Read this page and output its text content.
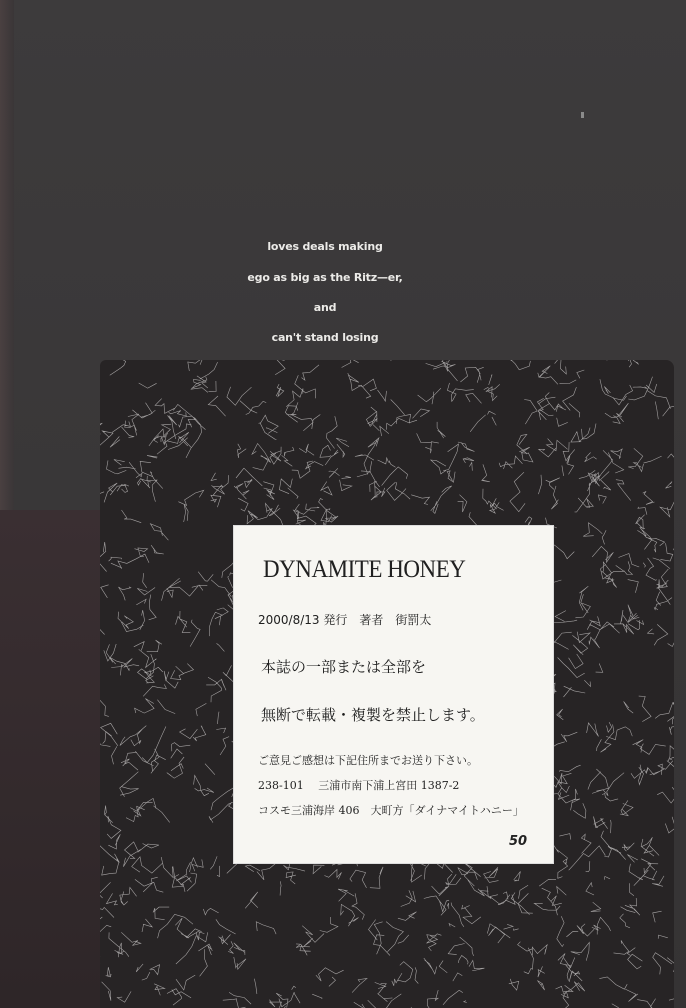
loves deals making
ego as big as the Ritz—er,
and
can't stand losing
DYNAMITE HONEY
2000/8/13 発行　著者　街罰太
本誌の一部または全部を
無断で転載・複製を禁止します。
ご意見ご感想は下記住所までお送り下さい。
238-101　 三浦市南下浦上宮田 1387-2
コスモ三浦海岸 406　大町方「ダイナマイトハニー」
50
